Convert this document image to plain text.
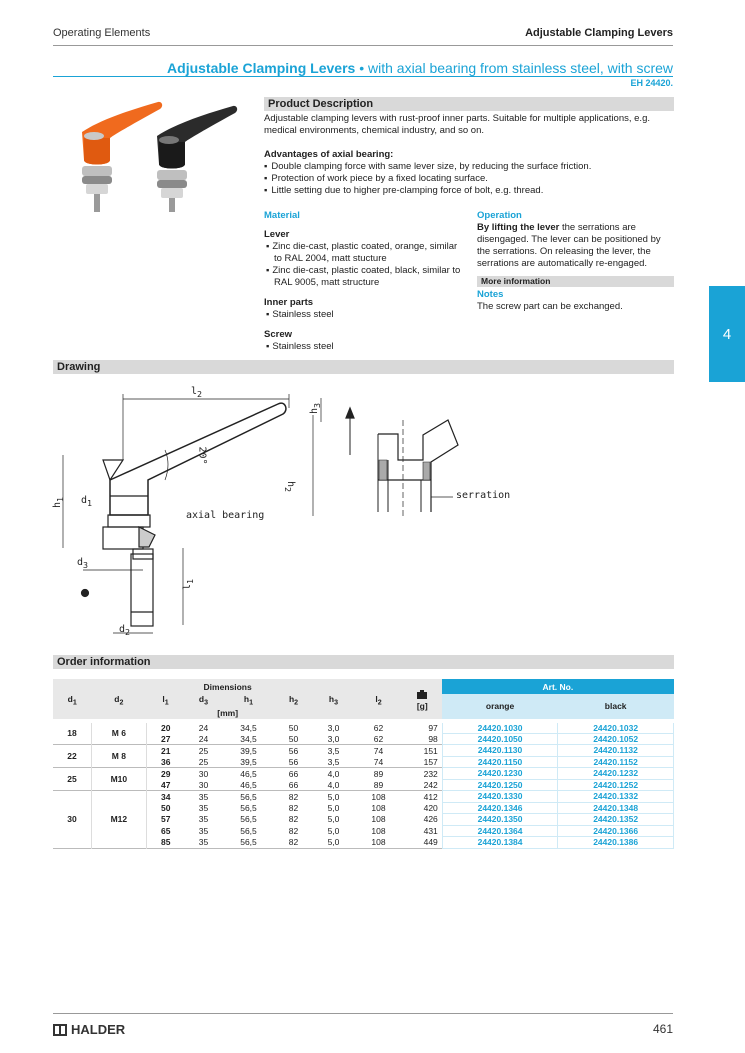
Operating Elements	Adjustable Clamping Levers
Adjustable Clamping Levers • with axial bearing from stainless steel, with screw
EH 24420.
Product Description

Adjustable clamping levers with rust-proof inner parts. Suitable for multiple applications, e.g. medical environments, chemical industry, and so on.

Advantages of axial bearing:

▪ Double clamping force with same lever size, by reducing the surface friction.
▪ Protection of work piece by a fixed locating surface.
▪ Little setting due to higher pre-clamping force of bolt, e.g. thread.
Material
Lever
▪ Zinc die-cast, plastic coated, orange, similar to RAL 2004, matt stucture
▪ Zinc die-cast, plastic coated, black, similar to RAL 9005, matt structure
Inner parts
▪ Stainless steel
Screw
▪ Stainless steel
Operation

By lifting the lever the serrations are disengaged. The lever can be positioned by the serrations. On releasing the lever, the serrations are automatically re-engaged.

More information
Notes

The screw part can be exchanged.

4
Drawing
$l_2$
$h_3$
$h_2$
$h_1$ $d_1$
$d_3$
$d_2$
$l_1$
20°
axial bearing
serration
Order information
Dimensions								[g]	Art. No.	
$d_1$	$d_2$	$l_1$	$d_3$	$h_1$	$h_2$	$h_3$	$l_2$		orange	black
[mm]										
18	M 6	20	24	34,5	50	3,0	62	97	24420.1030	24420.1032
		27	24	34,5	50	3,0	62	98	24420.1050	24420.1052
22	M 8	21	25	39,5	56	3,5	74	151	24420.1130	24420.1132
		36	25	39,5	56	3,5	74	157	24420.1150	24420.1152
25	M10	29	30	46,5	66	4,0	89	232	24420.1230	24420.1232
		47	30	46,5	66	4,0	89	242	24420.1250	24420.1252
30	M12	34	35	56,5	82	5,0	108	412	24420.1330	24420.1332
		50	35	56,5	82	5,0	108	420	24420.1346	24420.1348
		57	35	56,5	82	5,0	108	426	24420.1350	24420.1352
		65	35	56,5	82	5,0	108	431	24420.1364	24420.1366
		85	35	56,5	82	5,0	108	449	24420.1384	24420.1386
HALDER	461
